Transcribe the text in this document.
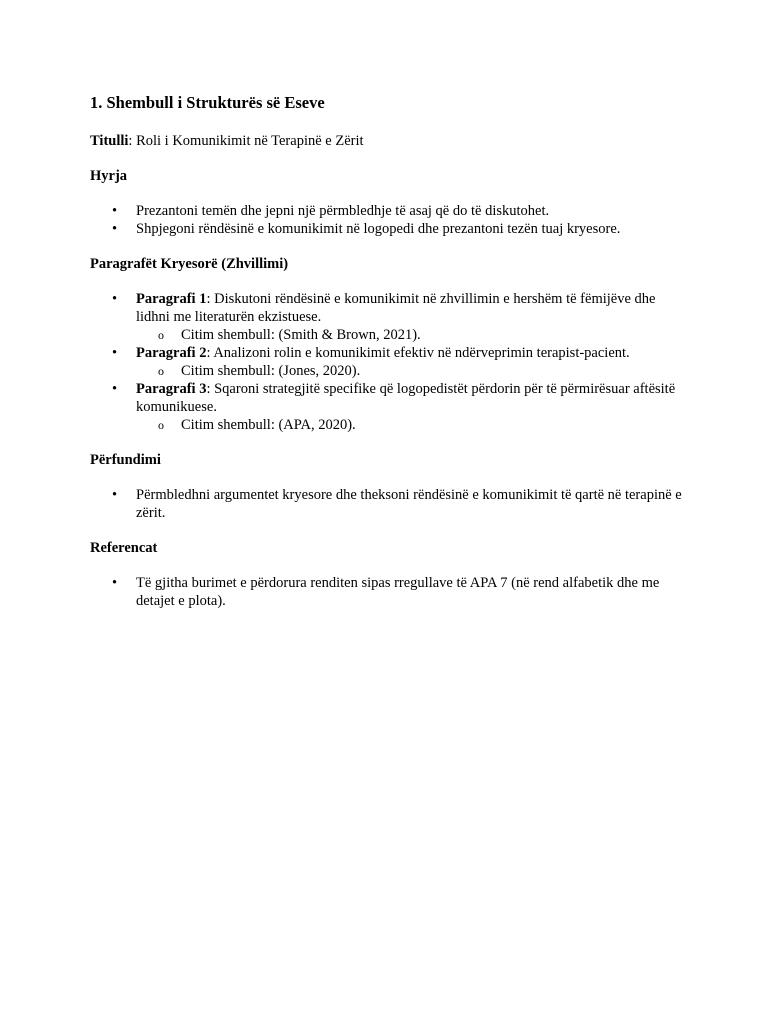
1. Shembull i Strukturës së Eseve

Titulli: Roli i Komunikimit në Terapinë e Zërit

Hyrja

• Prezantoni temën dhe jepni një përmbledhje të asaj që do të diskutohet.
• Shpjegoni rëndësinë e komunikimit në logopedi dhe prezantoni tezën tuaj kryesore.

Paragrafët Kryesorë (Zhvillimi)

• Paragrafi 1: Diskutoni rëndësinë e komunikimit në zhvillimin e hershëm të fëmijëve dhe lidhni me literaturën ekzistuese.
o Citim shembull: (Smith & Brown, 2021).
• Paragrafi 2: Analizoni rolin e komunikimit efektiv në ndërveprimin terapist-pacient.
o Citim shembull: (Jones, 2020).
• Paragrafi 3: Sqaroni strategjitë specifike që logopedistët përdorin për të përmirësuar aftësitë komunikuese.
o Citim shembull: (APA, 2020).

Përfundimi

• Përmbledhni argumentet kryesore dhe theksoni rëndësinë e komunikimit të qartë në terapinë e zërit.

Referencat

• Të gjitha burimet e përdorura renditen sipas rregullave të APA 7 (në rend alfabetik dhe me detajet e plota).
